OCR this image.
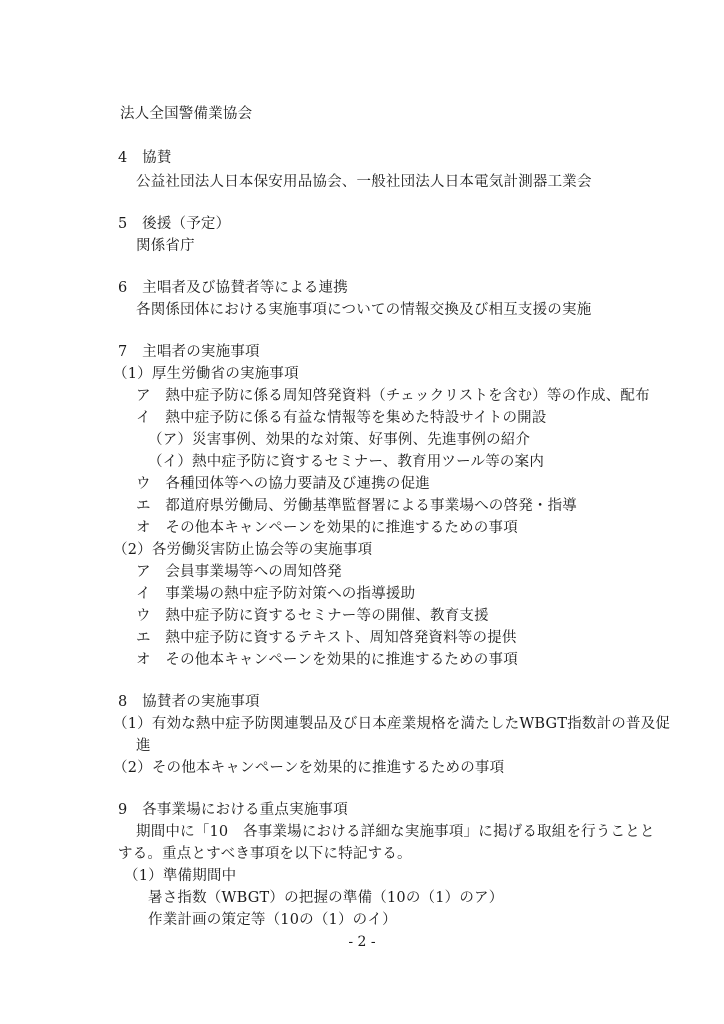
法人全国警備業協会
4　協賛
公益社団法人日本保安用品協会、一般社団法人日本電気計測器工業会
5　後援（予定）
関係省庁
6　主唱者及び協賛者等による連携
各関係団体における実施事項についての情報交換及び相互支援の実施
7　主唱者の実施事項
（1）厚生労働省の実施事項
ア　熱中症予防に係る周知啓発資料（チェックリストを含む）等の作成、配布
イ　熱中症予防に係る有益な情報等を集めた特設サイトの開設
（ア）災害事例、効果的な対策、好事例、先進事例の紹介
（イ）熱中症予防に資するセミナー、教育用ツール等の案内
ウ　各種団体等への協力要請及び連携の促進
エ　都道府県労働局、労働基準監督署による事業場への啓発・指導
オ　その他本キャンペーンを効果的に推進するための事項
（2）各労働災害防止協会等の実施事項
ア　会員事業場等への周知啓発
イ　事業場の熱中症予防対策への指導援助
ウ　熱中症予防に資するセミナー等の開催、教育支援
エ　熱中症予防に資するテキスト、周知啓発資料等の提供
オ　その他本キャンペーンを効果的に推進するための事項
8　協賛者の実施事項
（1）有効な熱中症予防関連製品及び日本産業規格を満たしたWBGT指数計の普及促
進
（2）その他本キャンペーンを効果的に推進するための事項
9　各事業場における重点実施事項
期間中に「10　各事業場における詳細な実施事項」に掲げる取組を行うことと
する。重点とすべき事項を以下に特記する。
（1）準備期間中
暑さ指数（WBGT）の把握の準備（10の（1）のア）
作業計画の策定等（10の（1）のイ）
- 2 -
